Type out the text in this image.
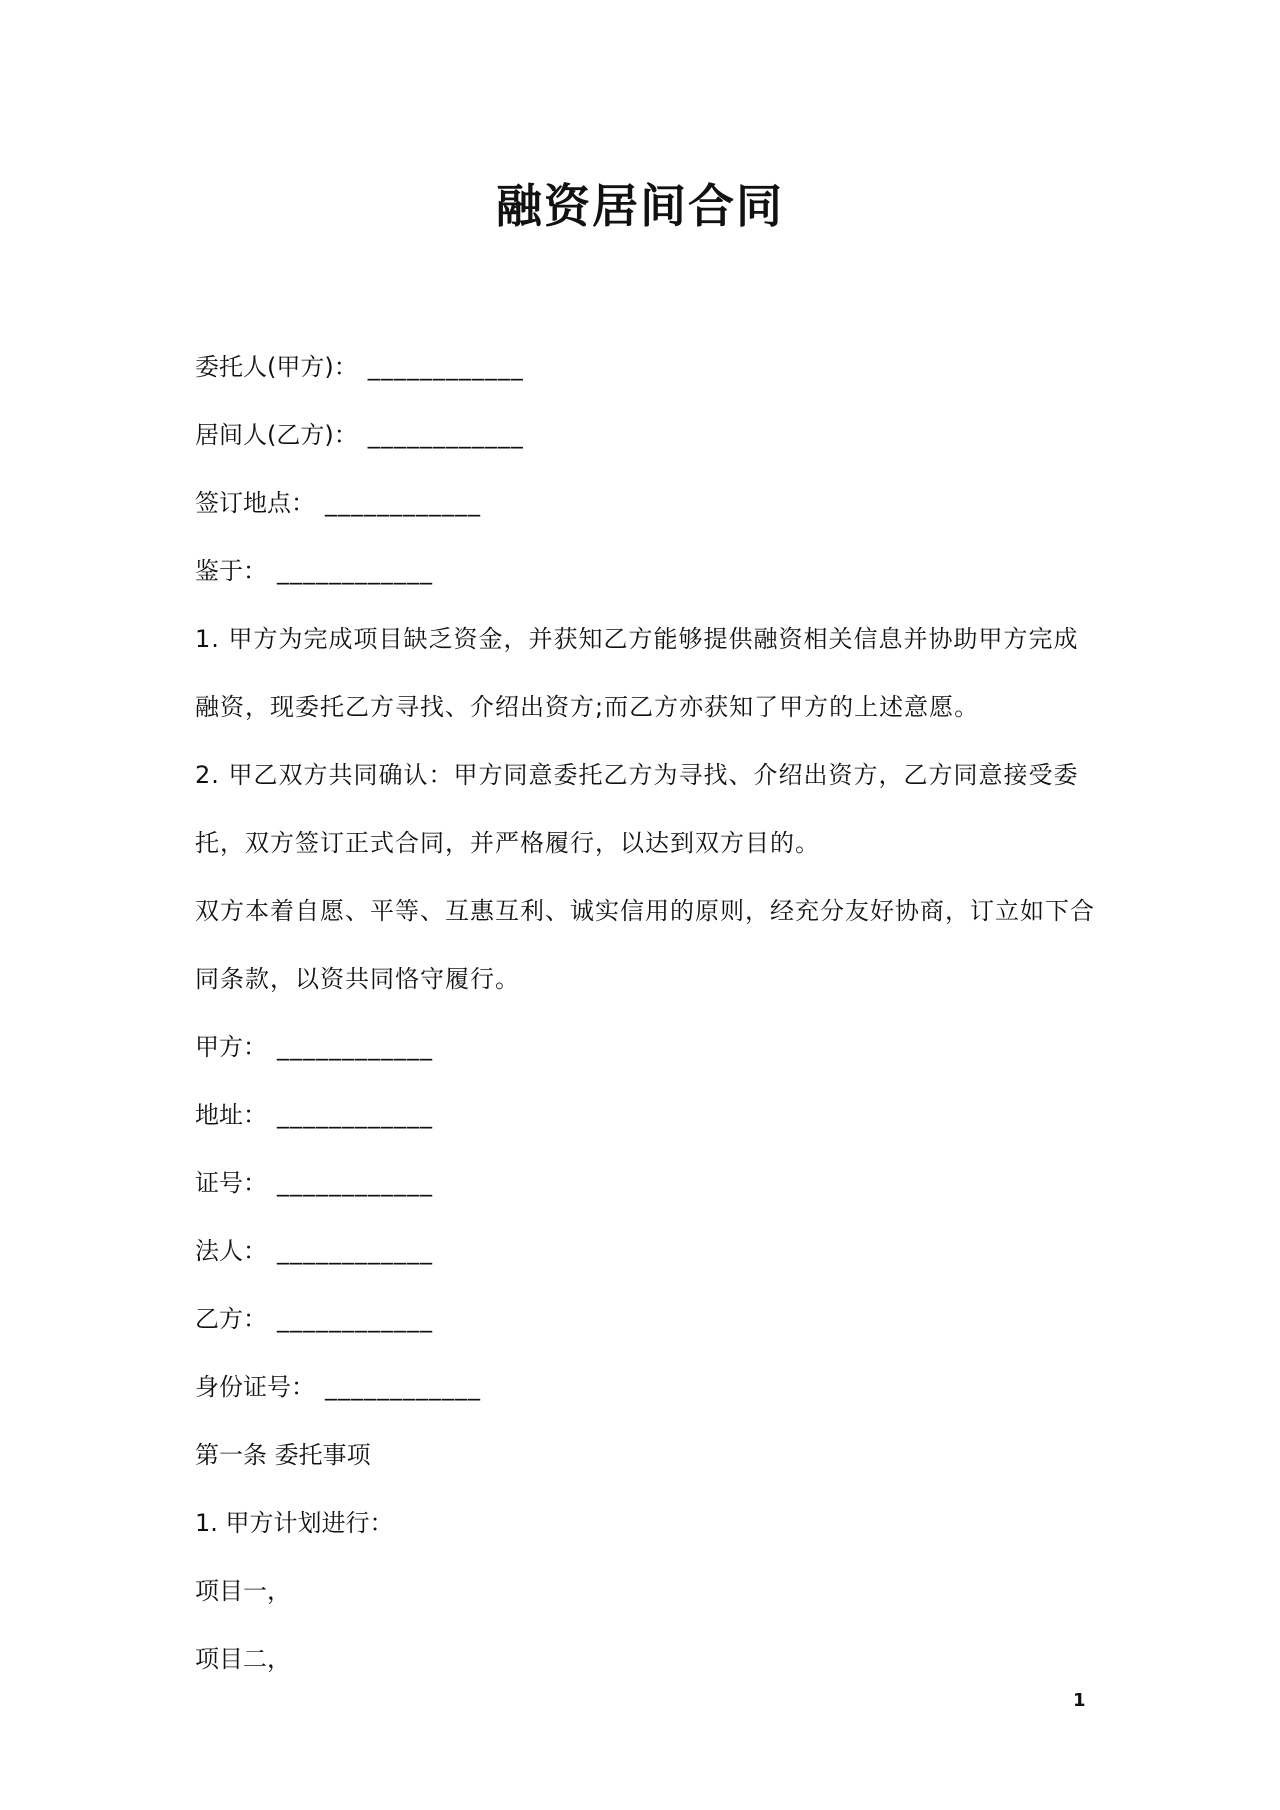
融资居间合同
委托人(甲方)： ____________
居间人(乙方)： ____________
签订地点： ____________
鉴于： ____________
1. 甲方为完成项目缺乏资金，并获知乙方能够提供融资相关信息并协助甲方完成融资，现委托乙方寻找、介绍出资方;而乙方亦获知了甲方的上述意愿。
2. 甲乙双方共同确认：甲方同意委托乙方为寻找、介绍出资方，乙方同意接受委托，双方签订正式合同，并严格履行，以达到双方目的。
双方本着自愿、平等、互惠互利、诚实信用的原则，经充分友好协商，订立如下合同条款，以资共同恪守履行。
甲方： ____________
地址： ____________
证号： ____________
法人： ____________
乙方： ____________
身份证号： ____________
第一条 委托事项
1. 甲方计划进行：
项目一，
项目二，
1
